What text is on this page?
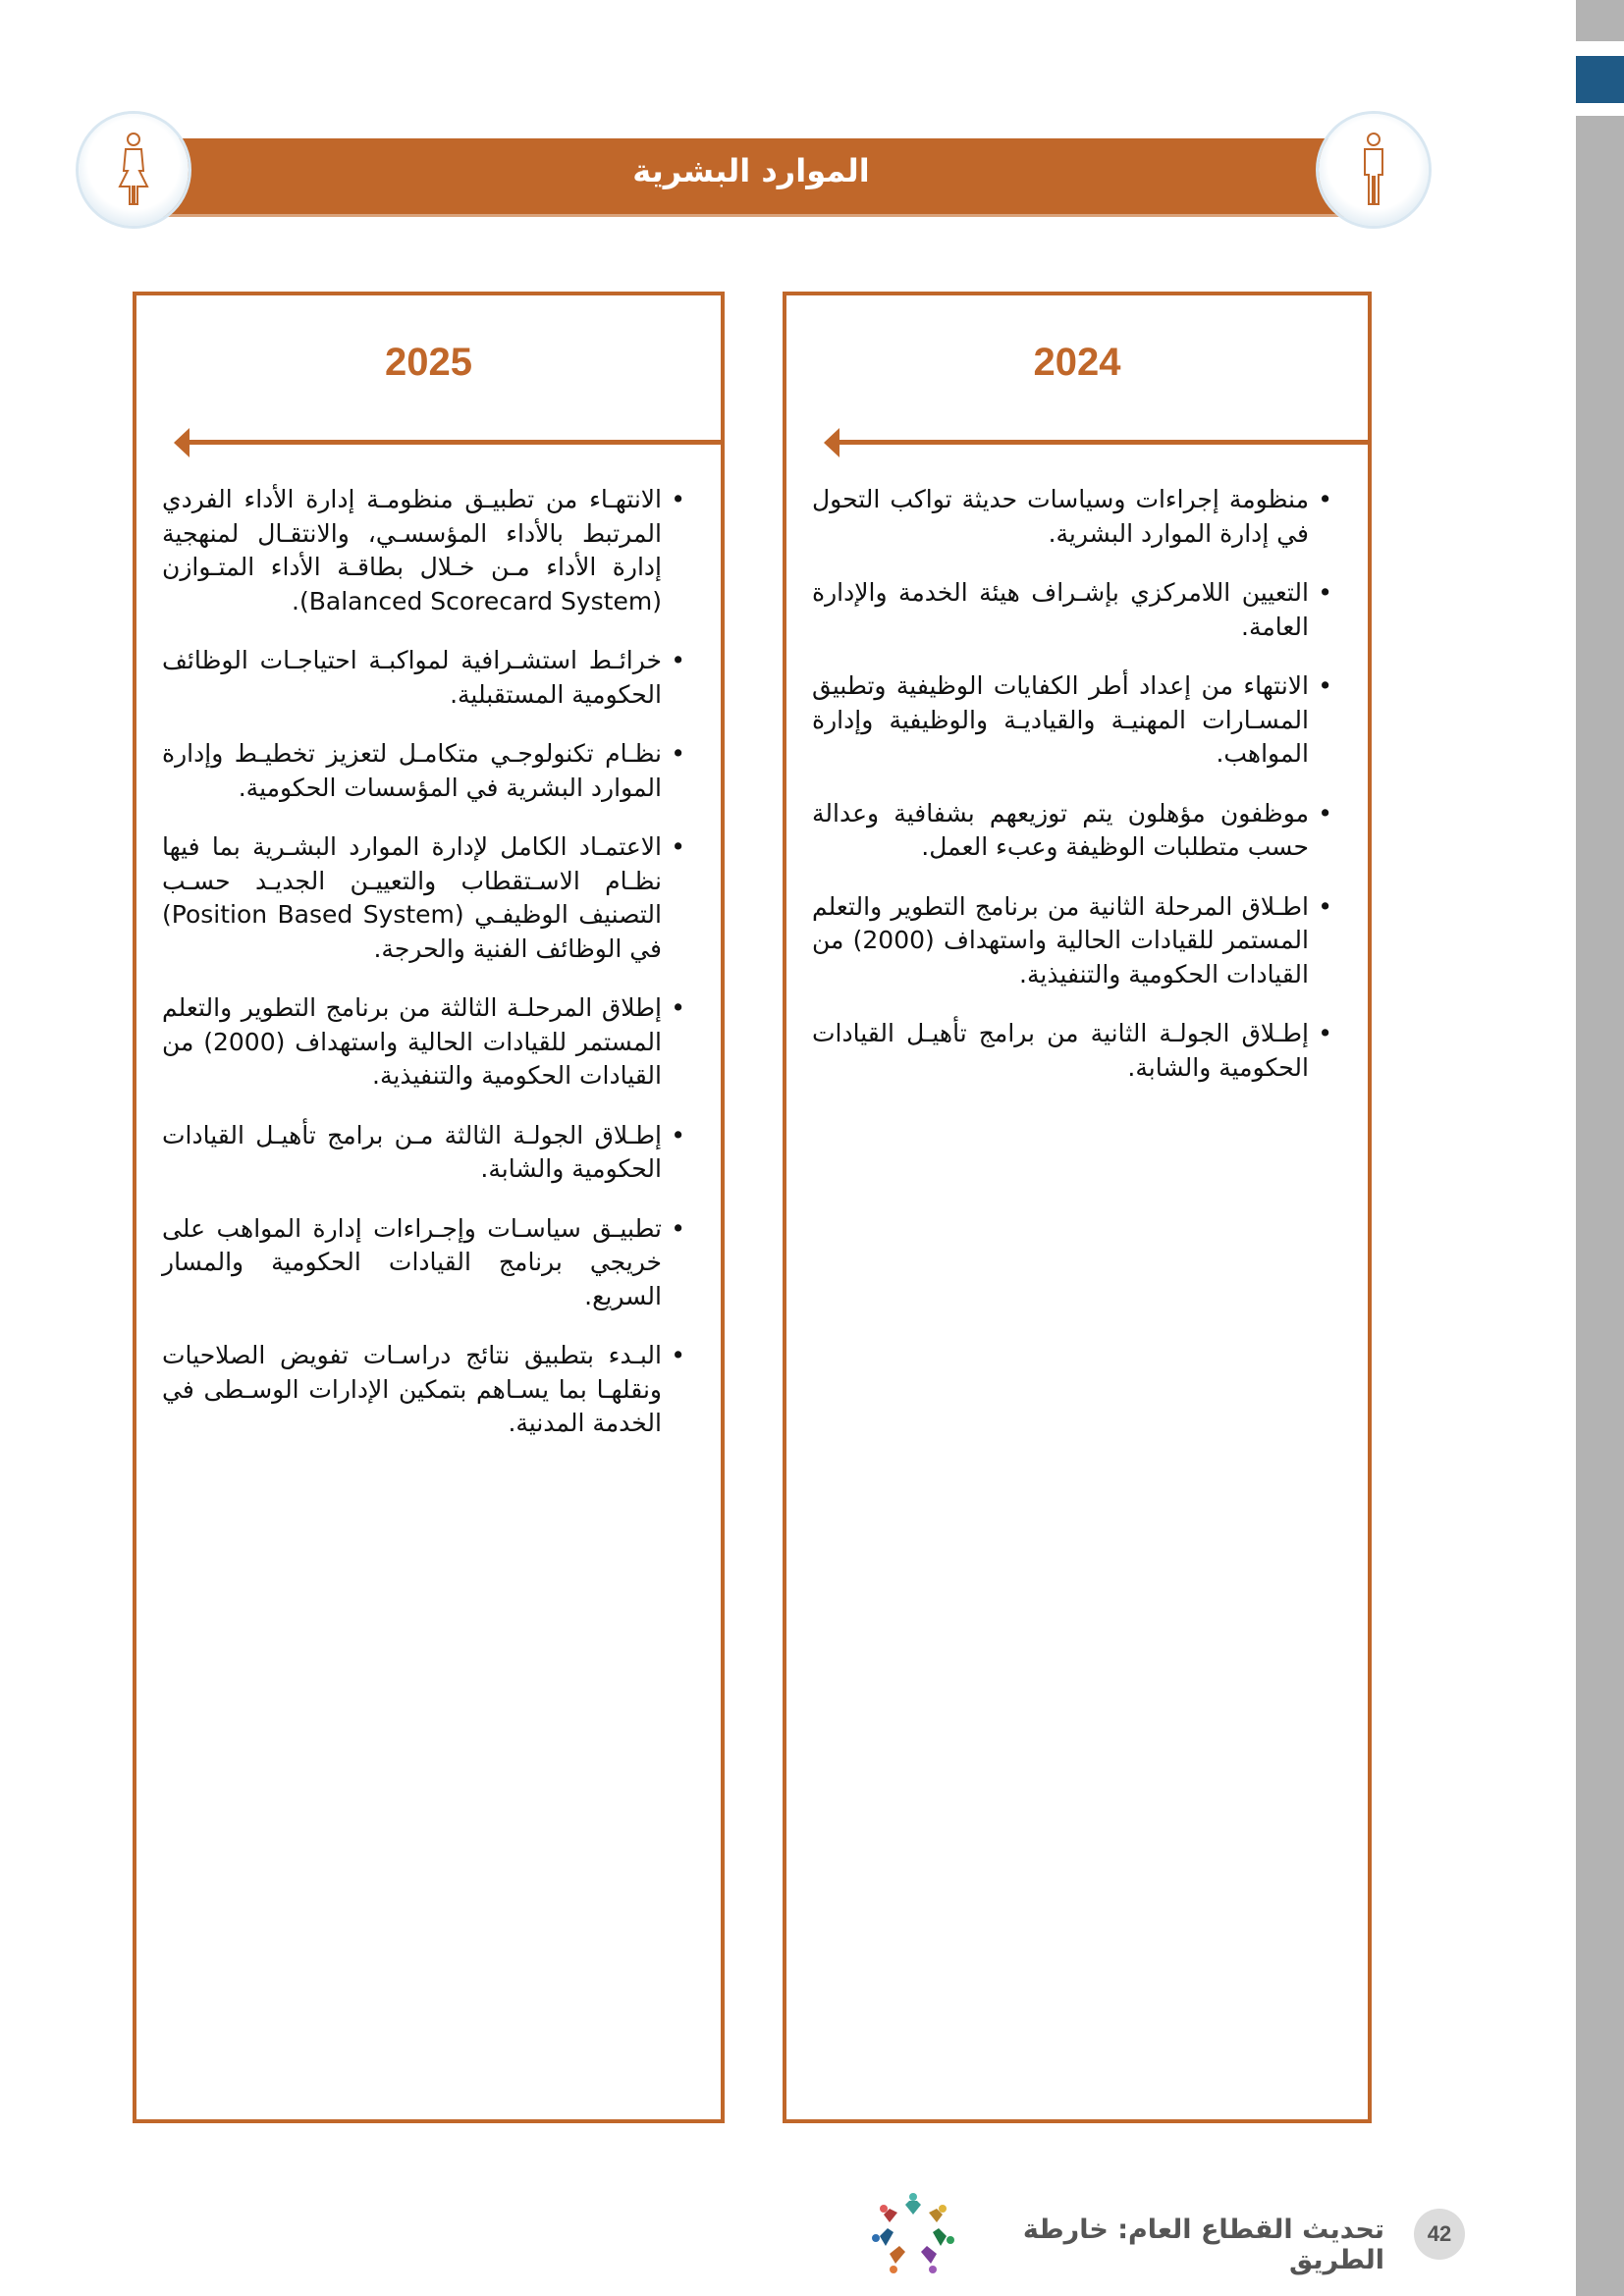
الموارد البشرية
2024
• منظومة إجراءات وسياسات حديثة تواكب التحول في إدارة الموارد البشرية.
• التعيين اللامركزي بإشـراف هيئة الخدمة والإدارة العامة.
• الانتهاء من إعداد أطر الكفايات الوظيفية وتطبيق المسـارات المهنيـة والقياديـة والوظيفية وإدارة المواهب.
• موظفون مؤهلون يتم توزيعهم بشفافية وعدالة حسب متطلبات الوظيفة وعبء العمل.
• اطـلاق المرحلة الثانية من برنامج التطوير والتعلم المستمر للقيادات الحالية واستهداف (2000) من القيادات الحكومية والتنفيذية.
• إطـلاق الجولـة الثانية من برامج تأهيـل القيادات الحكومية والشابة.
2025
• الانتهـاء من تطبيـق منظومـة إدارة الأداء الفردي المرتبط بالأداء المؤسسـي، والانتقـال لمنهجية إدارة الأداء مـن خـلال بطاقـة الأداء المتـوازن (Balanced Scorecard System).
• خرائـط استشـرافية لمواكبـة احتياجـات الوظائف الحكومية المستقبلية.
• نظـام تكنولوجـي متكامـل لتعزيز تخطيـط وإدارة الموارد البشرية في المؤسسات الحكومية.
• الاعتمـاد الكامل لإدارة الموارد البشـرية بما فيها نظـام الاسـتقطاب والتعييـن الجديـد حسـب التصنيف الوظيفـي (Position Based System) في الوظائف الفنية والحرجة.
• إطلاق المرحلـة الثالثة من برنامج التطوير والتعلم المستمر للقيادات الحالية واستهداف (2000) من القيادات الحكومية والتنفيذية.
• إطـلاق الجولـة الثالثة مـن برامج تأهيـل القيادات الحكومية والشابة.
• تطبيـق سياسـات وإجـراءات إدارة المواهب على خريجي برنامج القيادات الحكومية والمسار السريع.
• البـدء بتطبيق نتائج دراسـات تفويض الصلاحيات ونقلهـا بما يسـاهم بتمكين الإدارات الوسـطى في الخدمة المدنية.
42
تحديث القطاع العام: خارطة الطريق
